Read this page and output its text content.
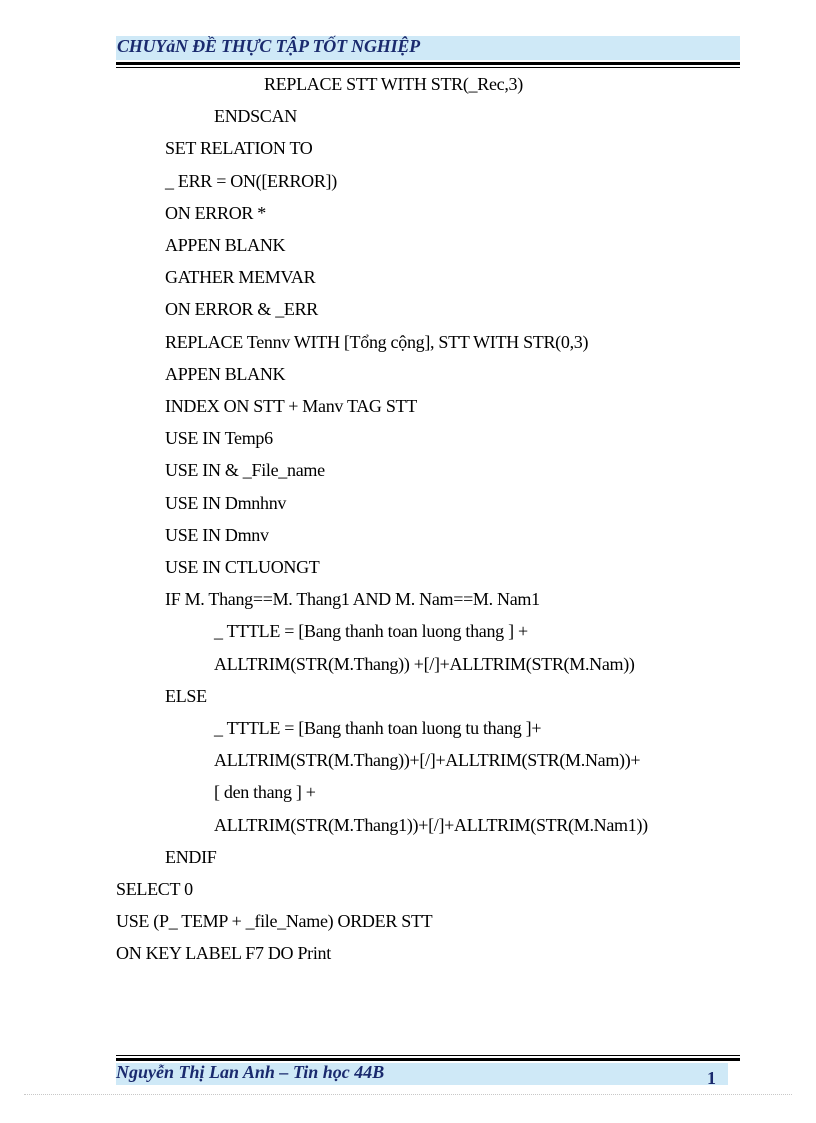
CHUYảN ĐỀ THỰC TẬP TỐT NGHIỆP
REPLACE STT WITH STR(_Rec,3)
ENDSCAN
SET RELATION TO
_ ERR = ON([ERROR])
ON ERROR *
APPEN BLANK
GATHER MEMVAR
ON ERROR & _ERR
REPLACE Tennv WITH [Tổng cộng], STT WITH STR(0,3)
APPEN BLANK
INDEX ON STT + Manv TAG STT
USE IN Temp6
USE IN & _File_name
USE IN Dmnhnv
USE IN Dmnv
USE IN CTLUONGT
IF M. Thang==M. Thang1 AND M. Nam==M. Nam1
_ TTTLE = [Bang thanh toan luong thang ] +
ALLTRIM(STR(M.Thang)) +[/]+ALLTRIM(STR(M.Nam))
ELSE
_ TTTLE = [Bang thanh toan luong tu thang ]+
ALLTRIM(STR(M.Thang))+[/]+ALLTRIM(STR(M.Nam))+
[ den thang ] +
ALLTRIM(STR(M.Thang1))+[/]+ALLTRIM(STR(M.Nam1))
ENDIF
SELECT 0
USE (P_ TEMP + _file_Name) ORDER STT
ON KEY LABEL F7 DO Print
Nguyễn Thị Lan Anh – Tin học 44B	1
